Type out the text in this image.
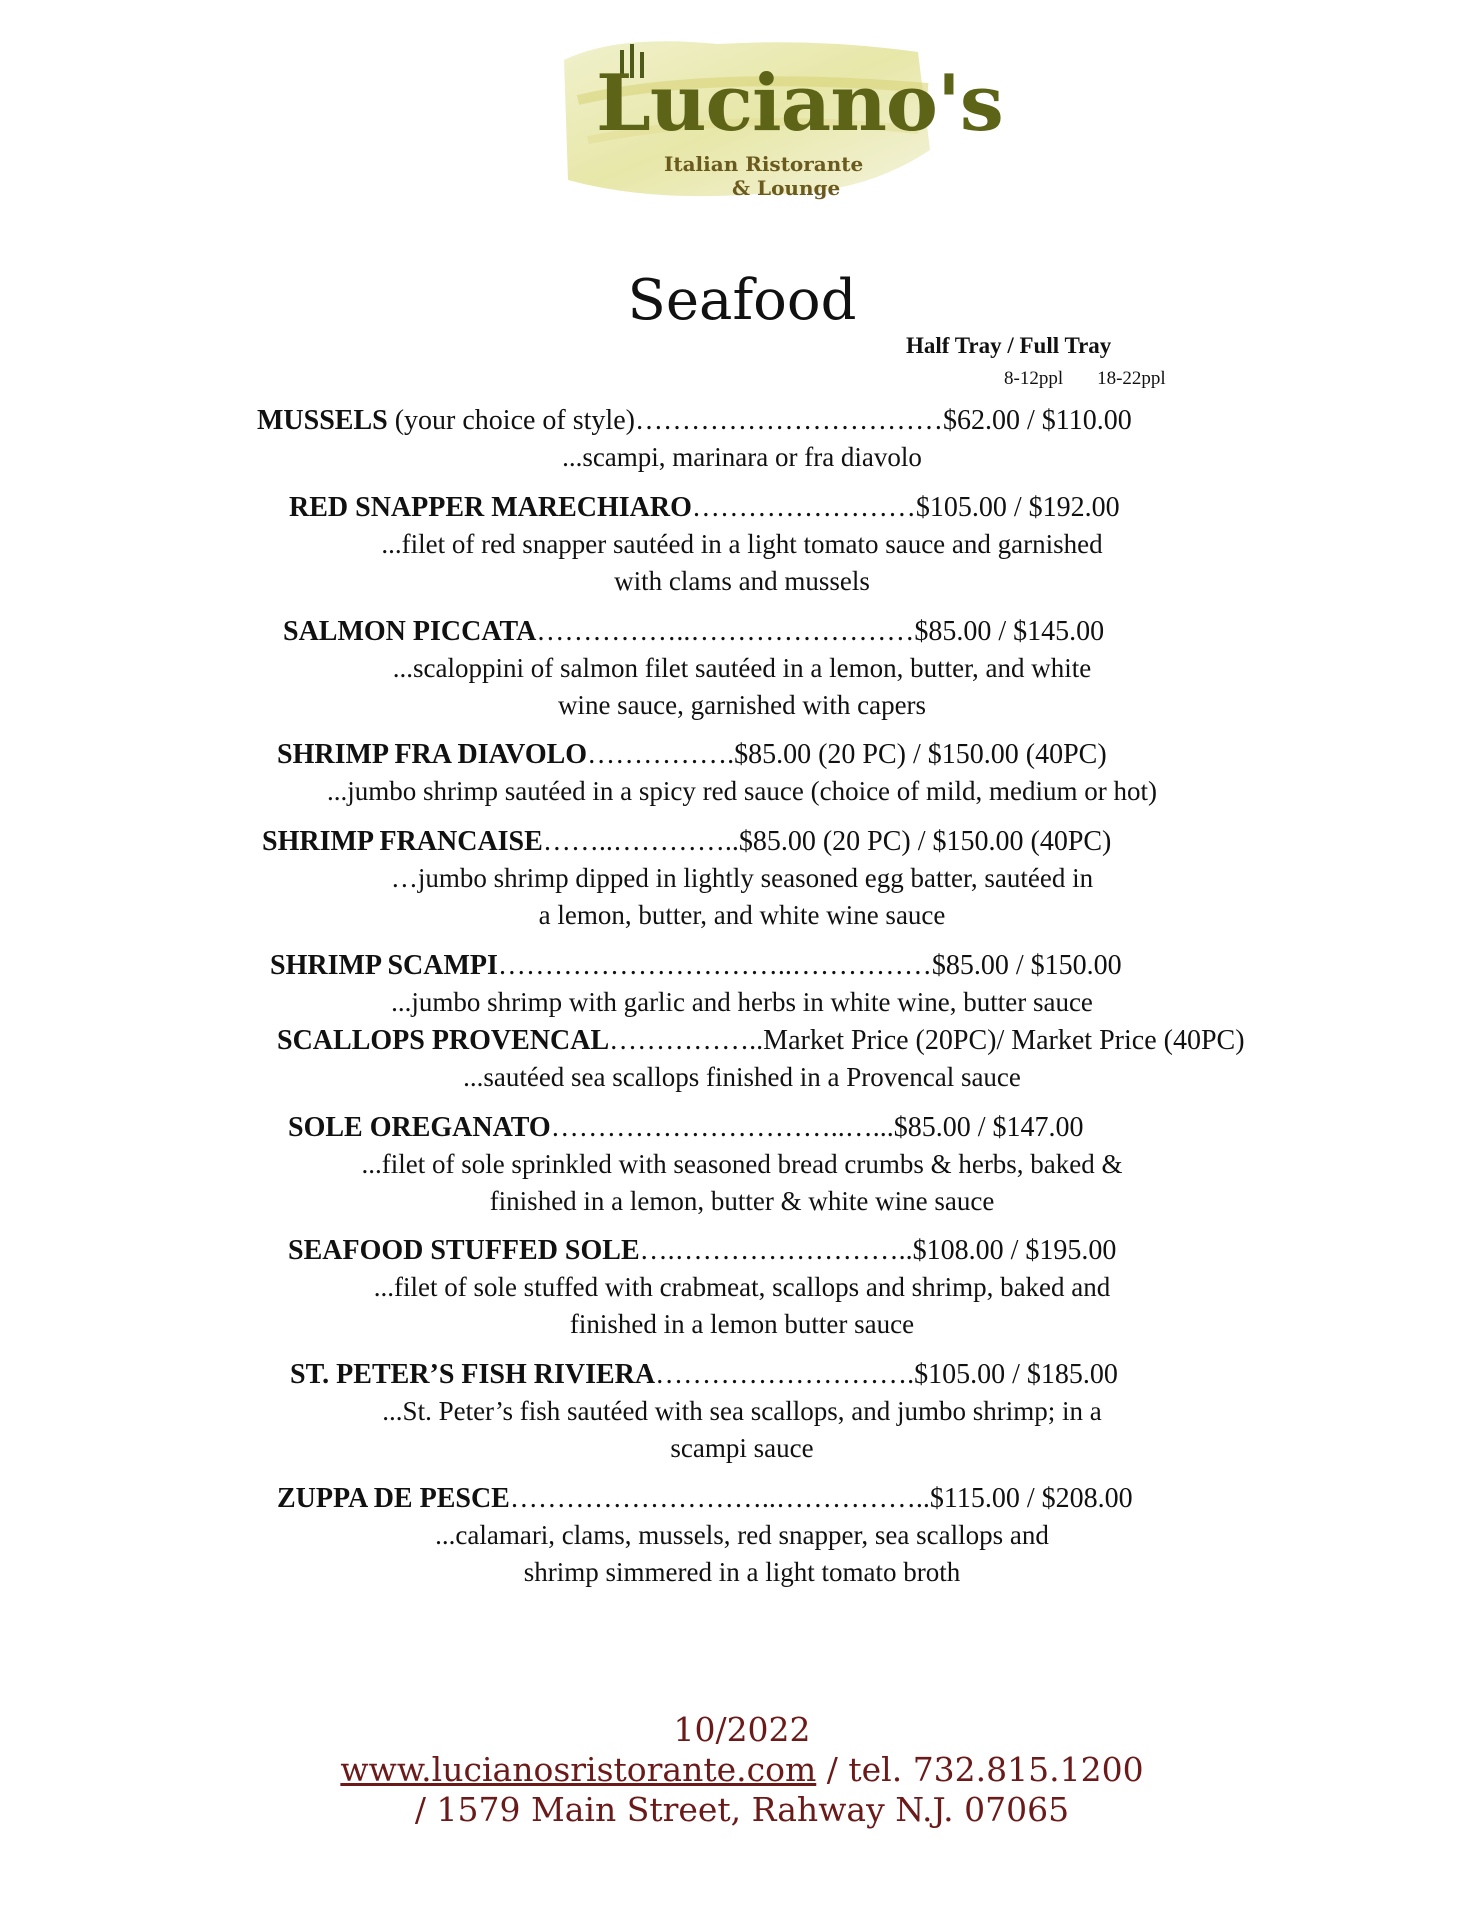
Luciano's
Italian Ristorante
& Lounge
Seafood
Half Tray / Full Tray
8-12ppl 18-22ppl
MUSSELS (your choice of style)……………………………$62.00 / $110.00
...scampi, marinara or fra diavolo
RED SNAPPER MARECHIARO……………………$105.00 / $192.00
...filet of red snapper sautéed in a light tomato sauce and garnished
with clams and mussels
SALMON PICCATA……………..……………………$85.00 / $145.00
...scaloppini of salmon filet sautéed in a lemon, butter, and white
wine sauce, garnished with capers
SHRIMP FRA DIAVOLO…………….$85.00 (20 PC) / $150.00 (40PC)
...jumbo shrimp sautéed in a spicy red sauce (choice of mild, medium or hot)
SHRIMP FRANCAISE……..…………..$85.00 (20 PC) / $150.00 (40PC)
…jumbo shrimp dipped in lightly seasoned egg batter, sautéed in
a lemon, butter, and white wine sauce
SHRIMP SCAMPI…………………………..……………$85.00 / $150.00
...jumbo shrimp with garlic and herbs in white wine, butter sauce
SCALLOPS PROVENCAL……………..Market Price (20PC)/ Market Price (40PC)
...sautéed sea scallops finished in a Provencal sauce
SOLE OREGANATO…………………………..…...$85.00 / $147.00
...filet of sole sprinkled with seasoned bread crumbs & herbs, baked &
finished in a lemon, butter & white wine sauce
SEAFOOD STUFFED SOLE….……………………..$108.00 / $195.00
...filet of sole stuffed with crabmeat, scallops and shrimp, baked and
finished in a lemon butter sauce
ST. PETER’S FISH RIVIERA……………………….$105.00 / $185.00
...St. Peter’s fish sautéed with sea scallops, and jumbo shrimp; in a
scampi sauce
ZUPPA DE PESCE………………………..……………..$115.00 / $208.00
...calamari, clams, mussels, red snapper, sea scallops and
shrimp simmered in a light tomato broth
10/2022
www.lucianosristorante.com / tel. 732.815.1200
/ 1579 Main Street, Rahway N.J. 07065
